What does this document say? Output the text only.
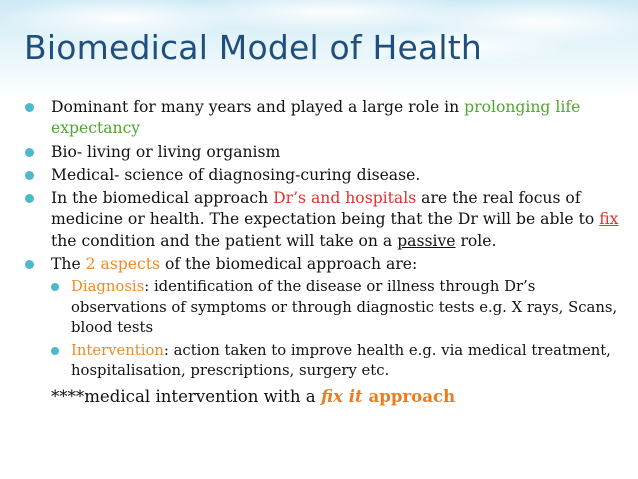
Biomedical Model of Health
Dominant for many years and played a large role in prolonging life expectancy
Bio- living or living organism
Medical- science of diagnosing-curing disease.
In the biomedical approach Dr’s and hospitals are the real focus of medicine or health. The expectation being that the Dr will be able to fix the condition and the patient will take on a passive role.
The 2 aspects of the biomedical approach are:
Diagnosis: identification of the disease or illness through Dr’s observations of symptoms or through diagnostic tests e.g. X rays, Scans, blood tests
Intervention: action taken to improve health e.g. via medical treatment, hospitalisation, prescriptions, surgery etc.
****medical intervention with a fix it approach
